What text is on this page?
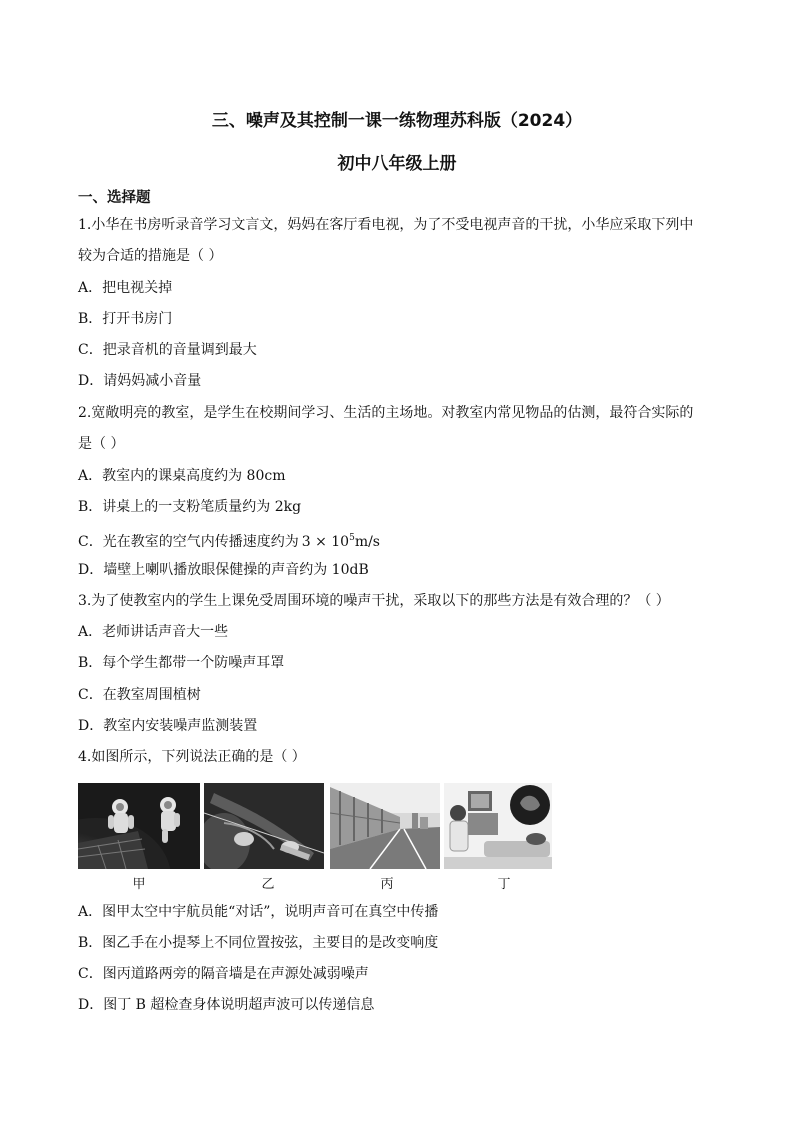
三、噪声及其控制一课一练物理苏科版（2024）
初中八年级上册
一、选择题
1.小华在书房听录音学习文言文，妈妈在客厅看电视，为了不受电视声音的干扰，小华应采取下列中
较为合适的措施是（ ）
A．把电视关掉
B．打开书房门
C．把录音机的音量调到最大
D．请妈妈减小音量
2.宽敞明亮的教室，是学生在校期间学习、生活的主场地。对教室内常见物品的估测，最符合实际的
是（ ）
A．教室内的课桌高度约为 80cm
B．讲桌上的一支粉笔质量约为 2kg
C．光在教室的空气内传播速度约为 $3 \times 10^5m/s$
D．墙壁上喇叭播放眼保健操的声音约为 10dB
3.为了使教室内的学生上课免受周围环境的噪声干扰，采取以下的那些方法是有效合理的？（ ）
A．老师讲话声音大一些
B．每个学生都带一个防噪声耳罩
C．在教室周围植树
D．教室内安装噪声监测装置
4.如图所示，下列说法正确的是（ ）
甲	乙	丙	丁
A．图甲太空中宇航员能“对话”，说明声音可在真空中传播
B．图乙手在小提琴上不同位置按弦，主要目的是改变响度
C．图丙道路两旁的隔音墙是在声源处减弱噪声
D．图丁 B 超检查身体说明超声波可以传递信息
